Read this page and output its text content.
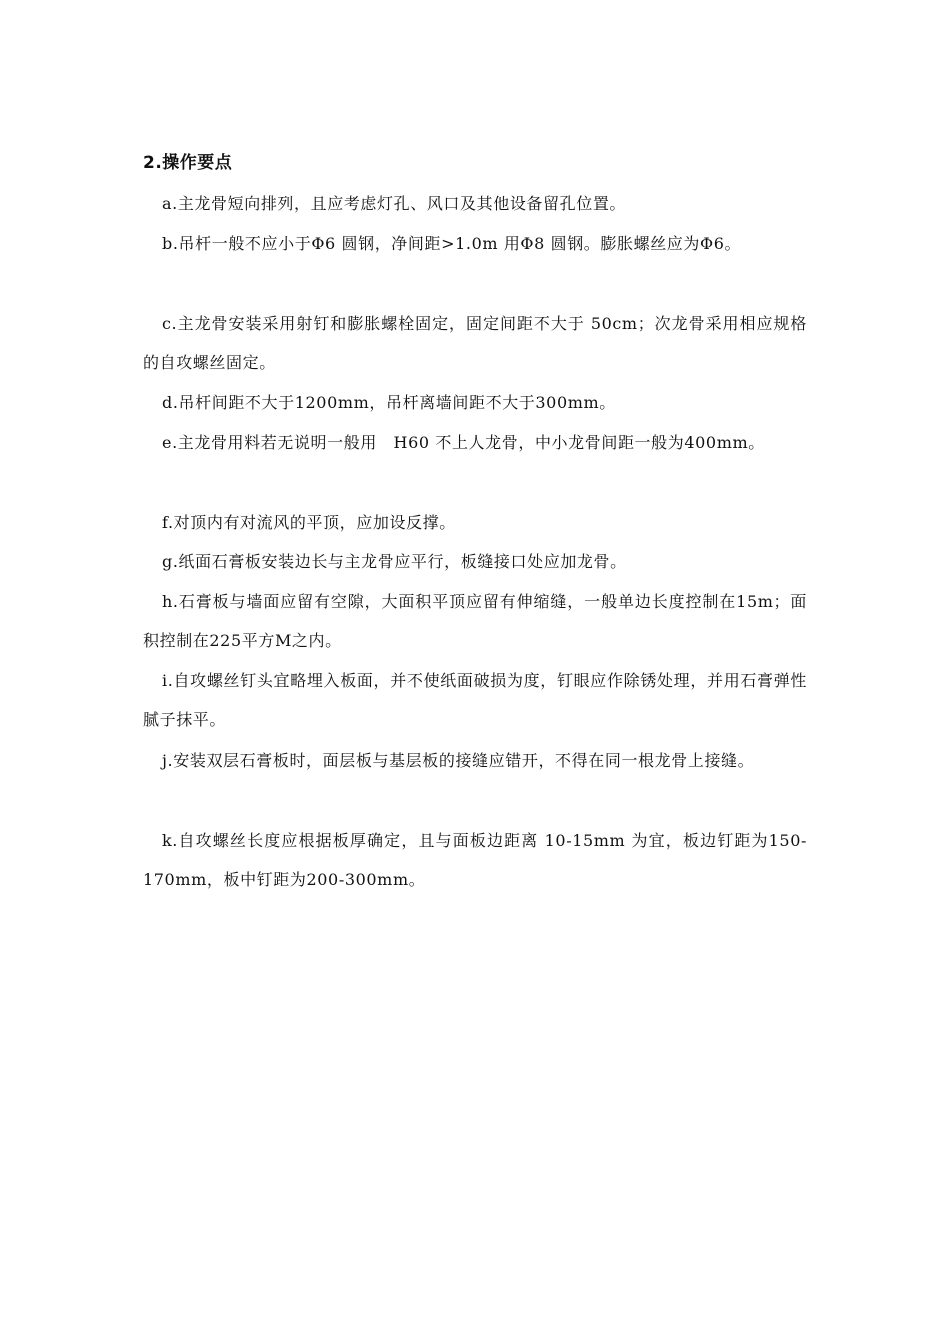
2.操作要点
a.主龙骨短向排列，且应考虑灯孔、风口及其他设备留孔位置。
b.吊杆一般不应小于Φ6 圆钢，净间距>1.0m 用Φ8 圆钢。膨胀螺丝应为Φ6。
c.主龙骨安装采用射钉和膨胀螺栓固定，固定间距不大于 50cm；次龙骨采用相应规格的自攻螺丝固定。
d.吊杆间距不大于1200mm，吊杆离墙间距不大于300mm。
e.主龙骨用料若无说明一般用　H60 不上人龙骨，中小龙骨间距一般为400mm。
f.对顶内有对流风的平顶，应加设反撑。
g.纸面石膏板安装边长与主龙骨应平行，板缝接口处应加龙骨。
h.石膏板与墙面应留有空隙，大面积平顶应留有伸缩缝，一般单边长度控制在15m；面积控制在225平方M之内。
i.自攻螺丝钉头宜略埋入板面，并不使纸面破损为度，钉眼应作除锈处理，并用石膏弹性腻子抹平。
j.安装双层石膏板时，面层板与基层板的接缝应错开，不得在同一根龙骨上接缝。
k.自攻螺丝长度应根据板厚确定，且与面板边距离 10-15mm 为宜，板边钉距为150-170mm，板中钉距为200-300mm。
